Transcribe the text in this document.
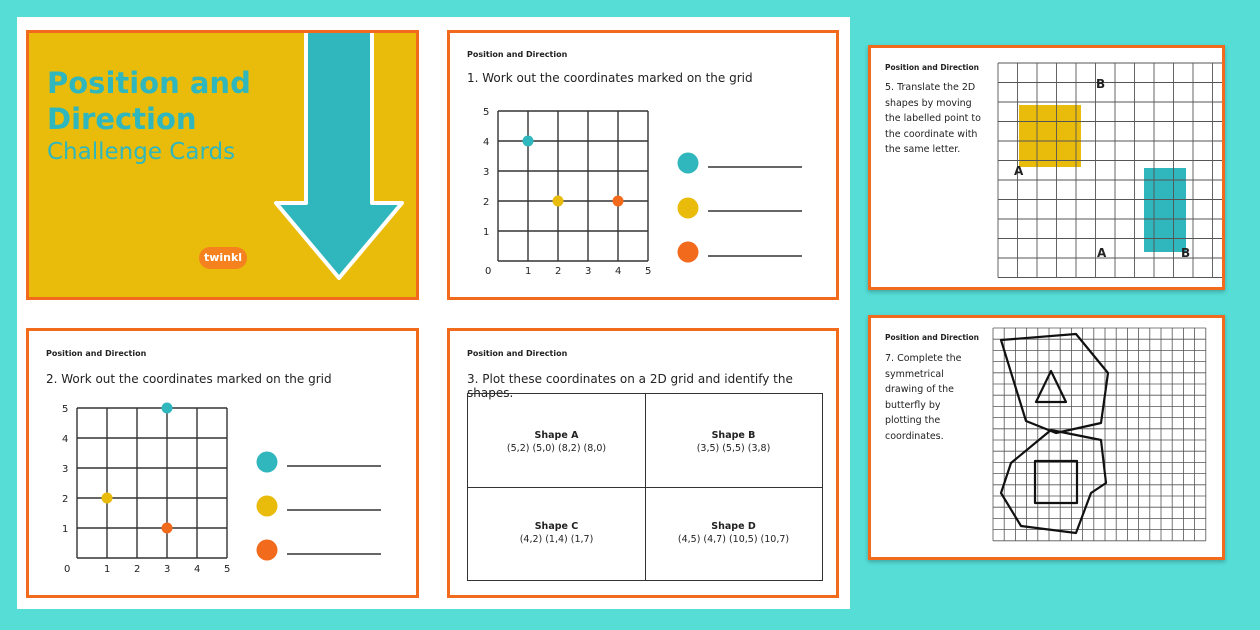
Position and
Direction
Challenge Cards
twinkl
Position and Direction
1. Work out the coordinates marked on the grid
0	1 2 3 4 5
1
2
3
4
5
Position and Direction
2. Work out the coordinates marked on the grid
0	1 2 3 4 5
1
2
3
4
5
Position and Direction
3. Plot these coordinates on a 2D grid and identify the shapes.
Shape A
(5,2) (5,0) (8,2) (8,0)
Shape B
(3,5) (5,5) (3,8)
Shape C
(4,2) (1,4) (1,7)
Shape D
(4,5) (4,7) (10,5) (10,7)
Position and Direction
5. Translate the 2D
shapes by moving
the labelled point to
the coordinate with
the same letter.
B
A
A	B
Position and Direction
7. Complete the
symmetrical
drawing of the
butterfly by
plotting the
coordinates.
